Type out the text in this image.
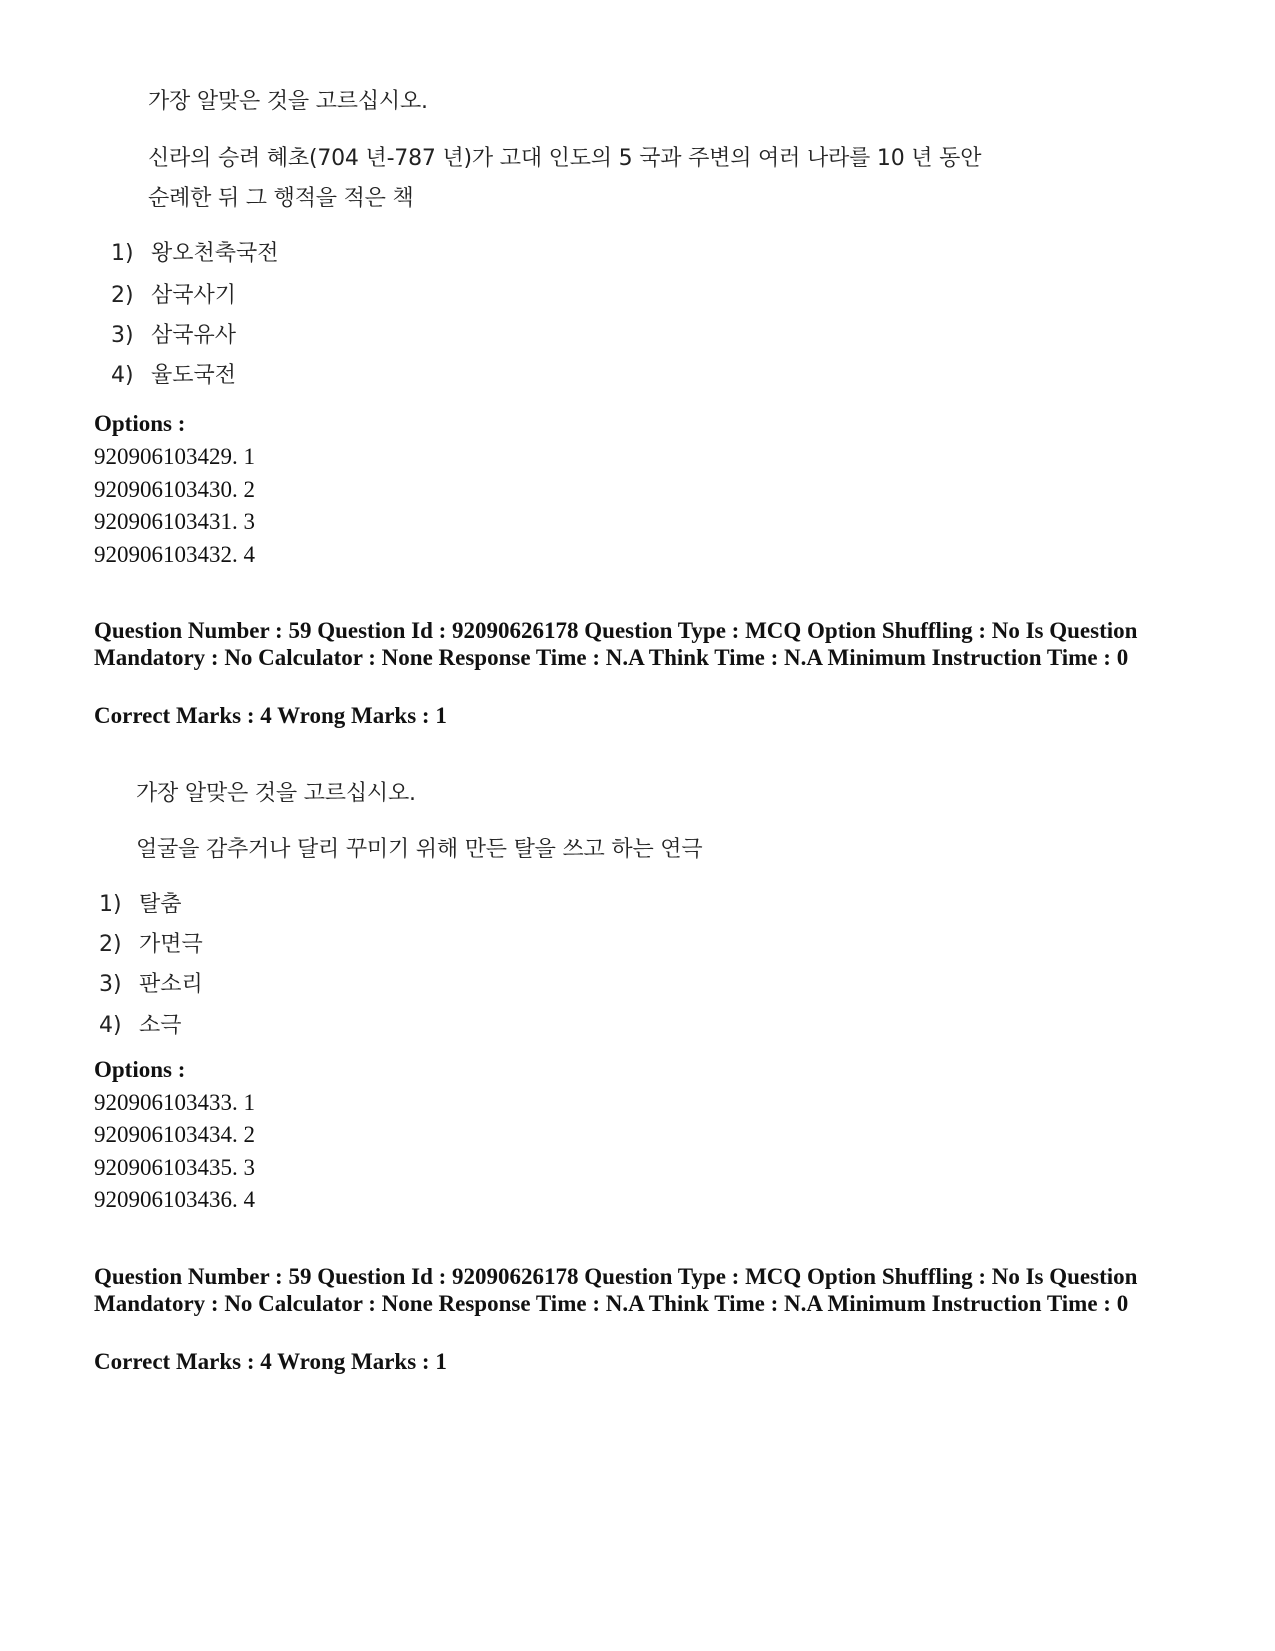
가장 알맞은 것을 고르십시오.

신라의 승려 혜초(704 년-787 년)가 고대 인도의 5 국과 주변의 여러 나라를 10 년 동안

순례한 뒤 그 행적을 적은 책

1) 왕오천축국전
2) 삼국사기
3) 삼국유사
4) 율도국전

Options :

920906103429. 1

920906103430. 2

920906103431. 3

920906103432. 4

Question Number : 59 Question Id : 92090626178 Question Type : MCQ Option Shuffling : No Is Question Mandatory : No Calculator : None Response Time : N.A Think Time : N.A Minimum Instruction Time : 0

Correct Marks : 4 Wrong Marks : 1

가장 알맞은 것을 고르십시오.

얼굴을 감추거나 달리 꾸미기 위해 만든 탈을 쓰고 하는 연극

1) 탈춤
2) 가면극
3) 판소리
4) 소극

Options :

920906103433. 1

920906103434. 2

920906103435. 3

920906103436. 4

Question Number : 59 Question Id : 92090626178 Question Type : MCQ Option Shuffling : No Is Question Mandatory : No Calculator : None Response Time : N.A Think Time : N.A Minimum Instruction Time : 0

Correct Marks : 4 Wrong Marks : 1
